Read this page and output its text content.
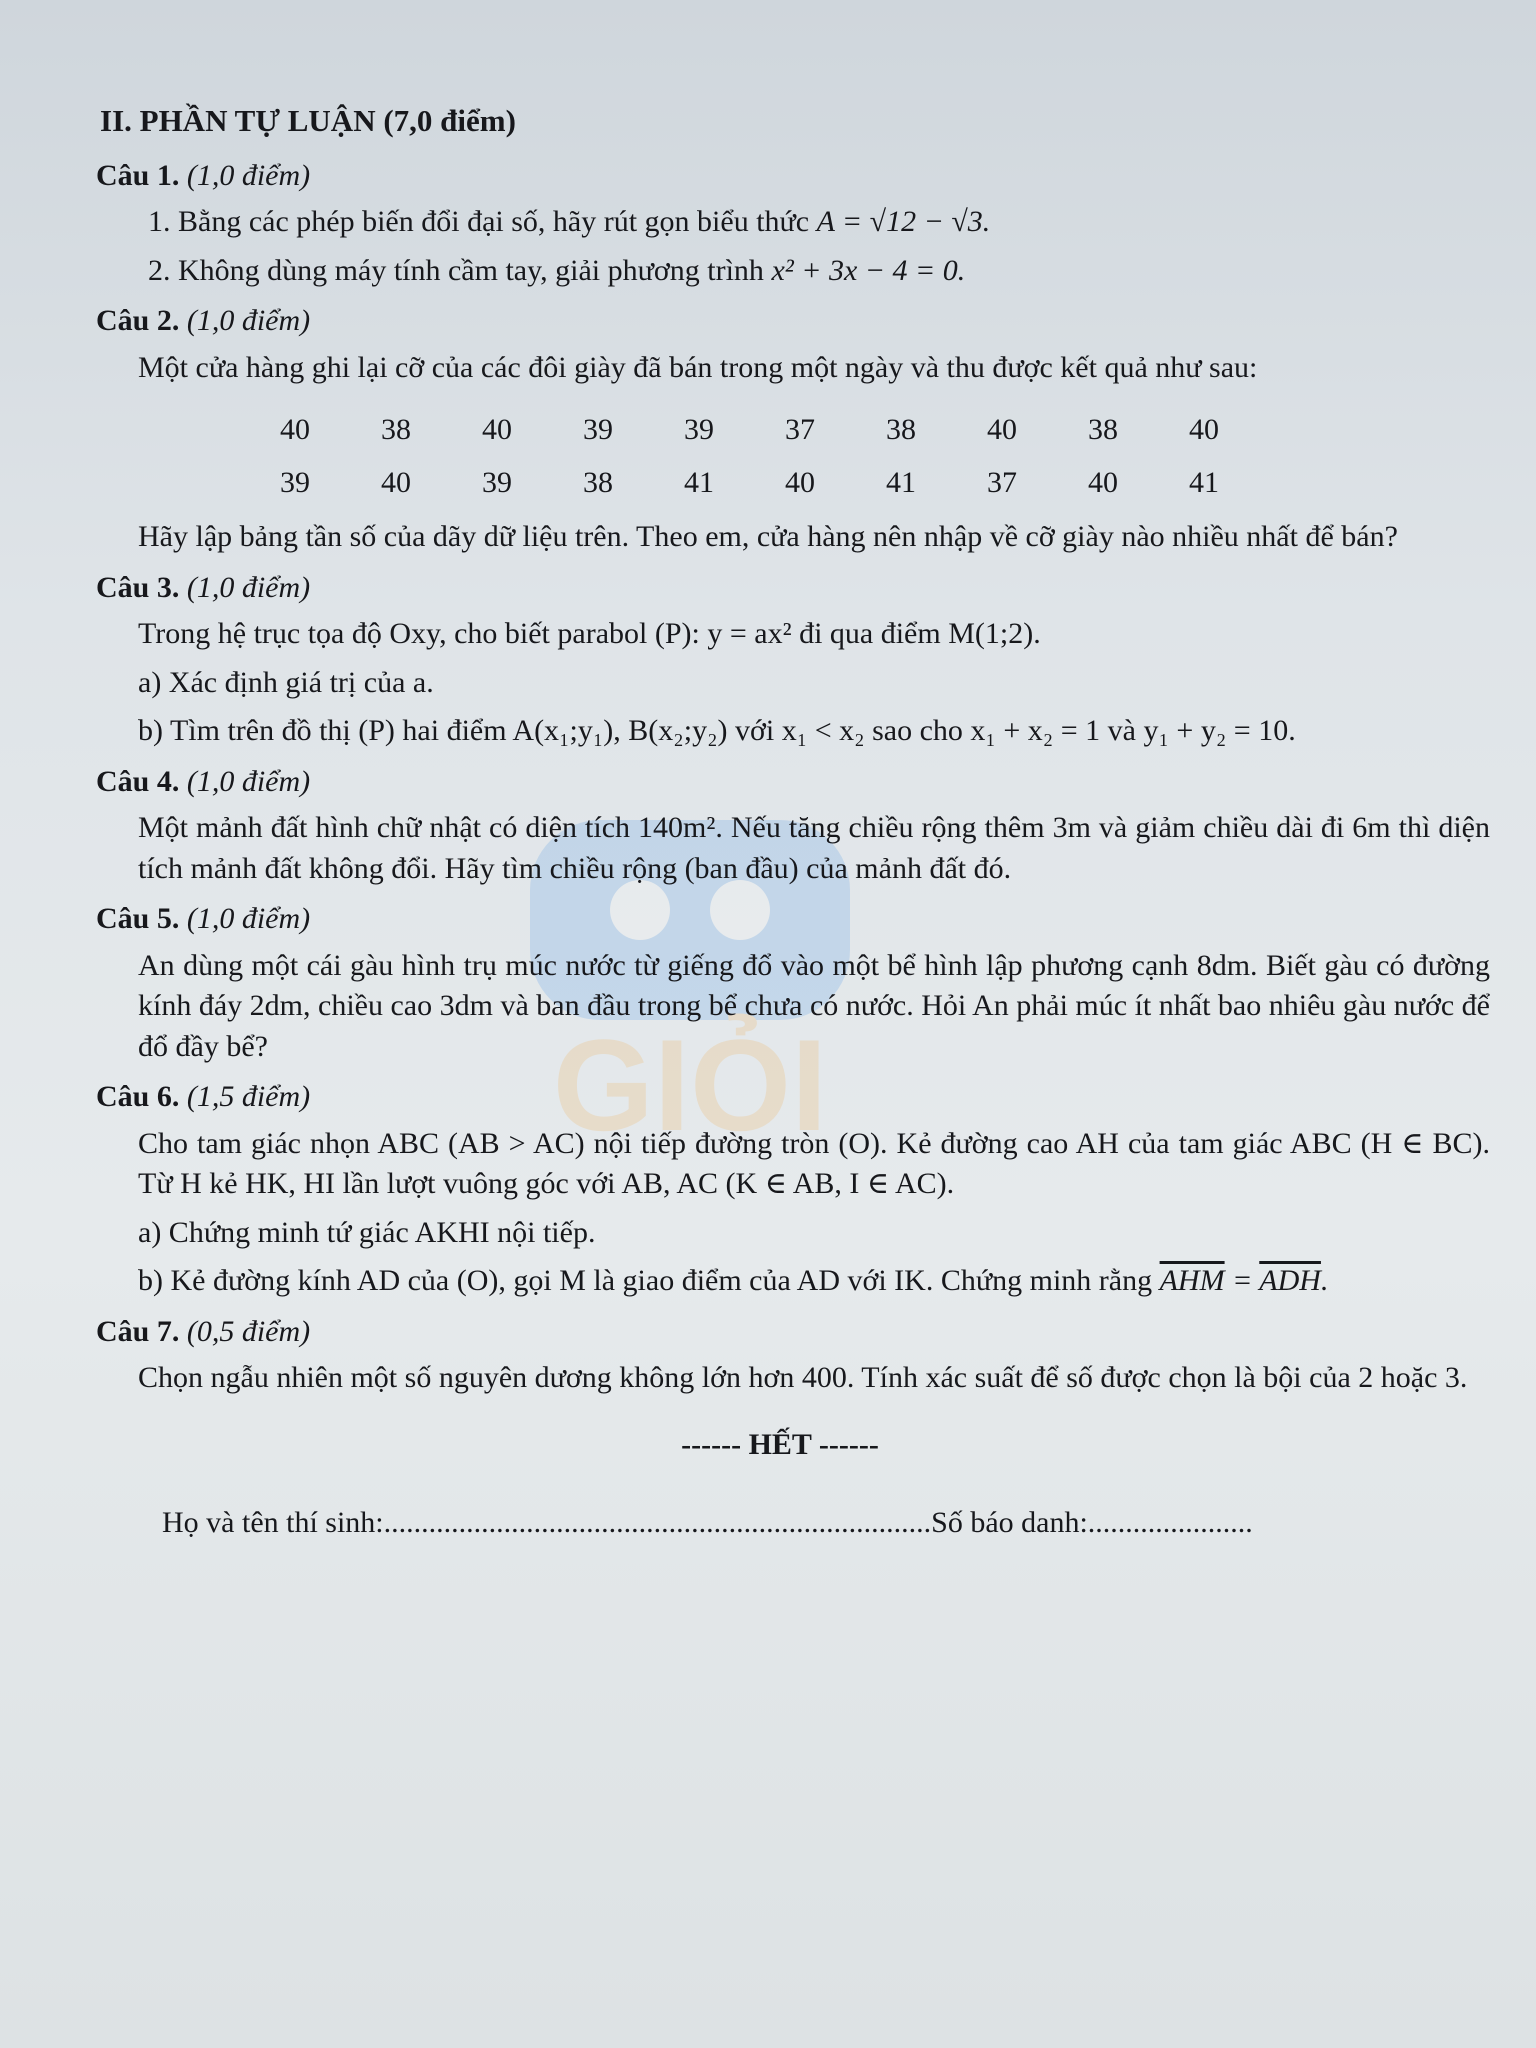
GIỎI
II. PHẦN TỰ LUẬN (7,0 điểm)
Câu 1. (1,0 điểm)
1. Bằng các phép biến đổi đại số, hãy rút gọn biểu thức A = √12 − √3.
2. Không dùng máy tính cầm tay, giải phương trình x² + 3x − 4 = 0.
Câu 2. (1,0 điểm)
Một cửa hàng ghi lại cỡ của các đôi giày đã bán trong một ngày và thu được kết quả như sau:
40	38	40	39	39	37	38	40	38	40
39	40	39	38	41	40	41	37	40	41
Hãy lập bảng tần số của dãy dữ liệu trên. Theo em, cửa hàng nên nhập về cỡ giày nào nhiều nhất để bán?
Câu 3. (1,0 điểm)
Trong hệ trục tọa độ Oxy, cho biết parabol (P): y = ax² đi qua điểm M(1;2).
a) Xác định giá trị của a.
b) Tìm trên đồ thị (P) hai điểm A(x₁;y₁), B(x₂;y₂) với x₁ < x₂ sao cho x₁ + x₂ = 1 và y₁ + y₂ = 10.
Câu 4. (1,0 điểm)
Một mảnh đất hình chữ nhật có diện tích 140m². Nếu tăng chiều rộng thêm 3m và giảm chiều dài đi 6m thì diện tích mảnh đất không đổi. Hãy tìm chiều rộng (ban đầu) của mảnh đất đó.
Câu 5. (1,0 điểm)
An dùng một cái gàu hình trụ múc nước từ giếng đổ vào một bể hình lập phương cạnh 8dm. Biết gàu có đường kính đáy 2dm, chiều cao 3dm và ban đầu trong bể chưa có nước. Hỏi An phải múc ít nhất bao nhiêu gàu nước để đổ đầy bể?
Câu 6. (1,5 điểm)
Cho tam giác nhọn ABC (AB > AC) nội tiếp đường tròn (O). Kẻ đường cao AH của tam giác ABC (H ∈ BC). Từ H kẻ HK, HI lần lượt vuông góc với AB, AC (K ∈ AB, I ∈ AC).
a) Chứng minh tứ giác AKHI nội tiếp.
b) Kẻ đường kính AD của (O), gọi M là giao điểm của AD với IK. Chứng minh rằng $\overline{AHM} = \overline{ADH}$.
Câu 7. (0,5 điểm)
Chọn ngẫu nhiên một số nguyên dương không lớn hơn 400. Tính xác suất để số được chọn là bội của 2 hoặc 3.
------ HẾT ------
Họ và tên thí sinh:.........................................................................Số báo danh:......................
